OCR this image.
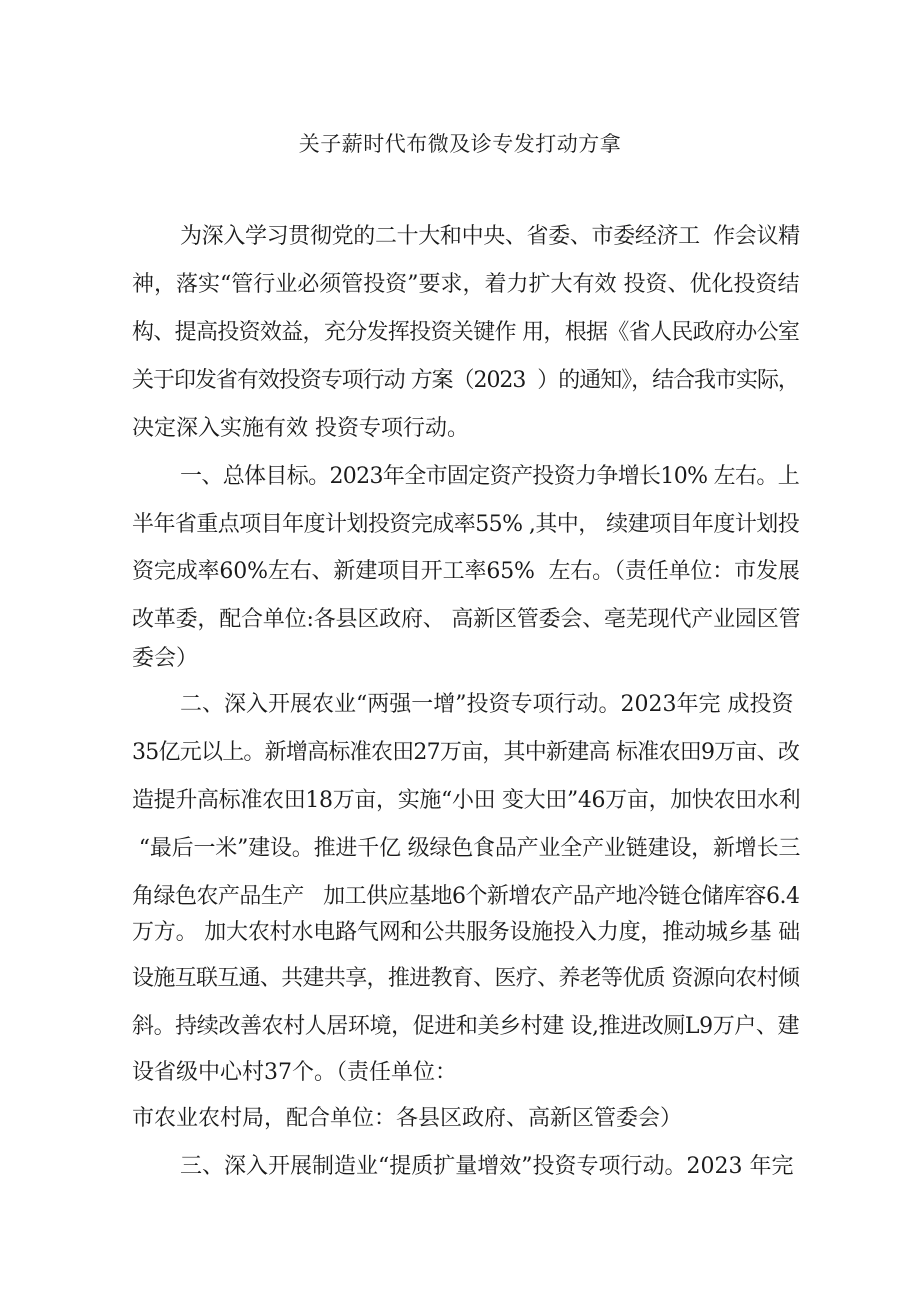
关子薪时代布微及诊专发打动方拿
为深入学习贯彻党的二十大和中央、省委、市委经济工  作会议精
神，落实“管行业必须管投资”要求，着力扩大有效 投资、优化投资结
构、提高投资效益，充分发挥投资关键作 用，根据《省人民政府办公室
关于印发省有效投资专项行动 方案（2023  ）的通知》，结合我市实际，
决定深入实施有效 投资专项行动。
一、总体目标。2023年全市固定资产投资力争增长10% 左右。上
半年省重点项目年度计划投资完成率55% ,其中， 续建项目年度计划投
资完成率60%左右、新建项目开工率65%  左右。（责任单位：市发展
改革委，配合单位:各县区政府、 高新区管委会、亳芜现代产业园区管
委会）
二、深入开展农业“两强一增”投资专项行动。2023年完 成投资
35亿元以上。新增高标准农田27万亩，其中新建高 标准农田9万亩、改
造提升高标准农田18万亩，实施“小田 变大田”46万亩，加快农田水利
“最后一米”建设。推进千亿 级绿色食品产业全产业链建设，新增长三
角绿色农产品生产   加工供应基地6个新增农产品产地冷链仓储库容6.4
万方。 加大农村水电路气网和公共服务设施投入力度，推动城乡基 础
设施互联互通、共建共享，推进教育、医疗、养老等优质 资源向农村倾
斜。持续改善农村人居环境，促进和美乡村建 设,推进改厕L9万户、建
设省级中心村37个。（责任单位：
市农业农村局，配合单位：各县区政府、高新区管委会）
三、深入开展制造业“提质扩量增效”投资专项行动。2023 年完
